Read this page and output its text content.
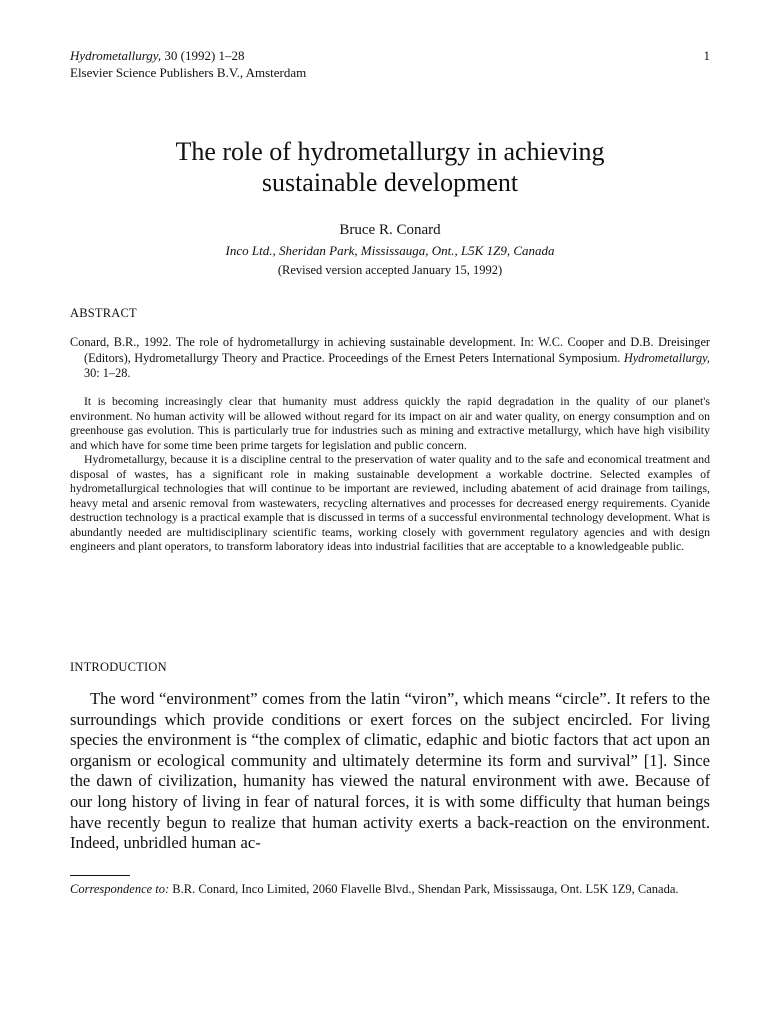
Hydrometallurgy, 30 (1992) 1–28
Elsevier Science Publishers B.V., Amsterdam
1
The role of hydrometallurgy in achieving
sustainable development
Bruce R. Conard
Inco Ltd., Sheridan Park, Mississauga, Ont., L5K 1Z9, Canada
(Revised version accepted January 15, 1992)
ABSTRACT
Conard, B.R., 1992. The role of hydrometallurgy in achieving sustainable development. In: W.C. Cooper and D.B. Dreisinger (Editors), Hydrometallurgy Theory and Practice. Proceedings of the Ernest Peters International Symposium. Hydrometallurgy, 30: 1–28.

It is becoming increasingly clear that humanity must address quickly the rapid degradation in the quality of our planet's environment. No human activity will be allowed without regard for its impact on air and water quality, on energy consumption and on greenhouse gas evolution. This is particularly true for industries such as mining and extractive metallurgy, which have high visibility and which have for some time been prime targets for legislation and public concern.

Hydrometallurgy, because it is a discipline central to the preservation of water quality and to the safe and economical treatment and disposal of wastes, has a significant role in making sustainable development a workable doctrine. Selected examples of hydrometallurgical technologies that will continue to be important are reviewed, including abatement of acid drainage from tailings, heavy metal and arsenic removal from wastewaters, recycling alternatives and processes for decreased energy requirements. Cyanide destruction technology is a practical example that is discussed in terms of a successful environmental technology development. What is abundantly needed are multidisciplinary scientific teams, working closely with government regulatory agencies and with design engineers and plant operators, to transform laboratory ideas into industrial facilities that are acceptable to a knowledgeable public.

INTRODUCTION

The word “environment” comes from the latin “viron”, which means “circle”. It refers to the surroundings which provide conditions or exert forces on the subject encircled. For living species the environment is “the complex of climatic, edaphic and biotic factors that act upon an organism or ecological community and ultimately determine its form and survival” [1]. Since the dawn of civilization, humanity has viewed the natural environment with awe. Because of our long history of living in fear of natural forces, it is with some difficulty that human beings have recently begun to realize that human activity exerts a back-reaction on the environment. Indeed, unbridled human ac-

Correspondence to: B.R. Conard, Inco Limited, 2060 Flavelle Blvd., Shendan Park, Mississauga, Ont. L5K 1Z9, Canada.
